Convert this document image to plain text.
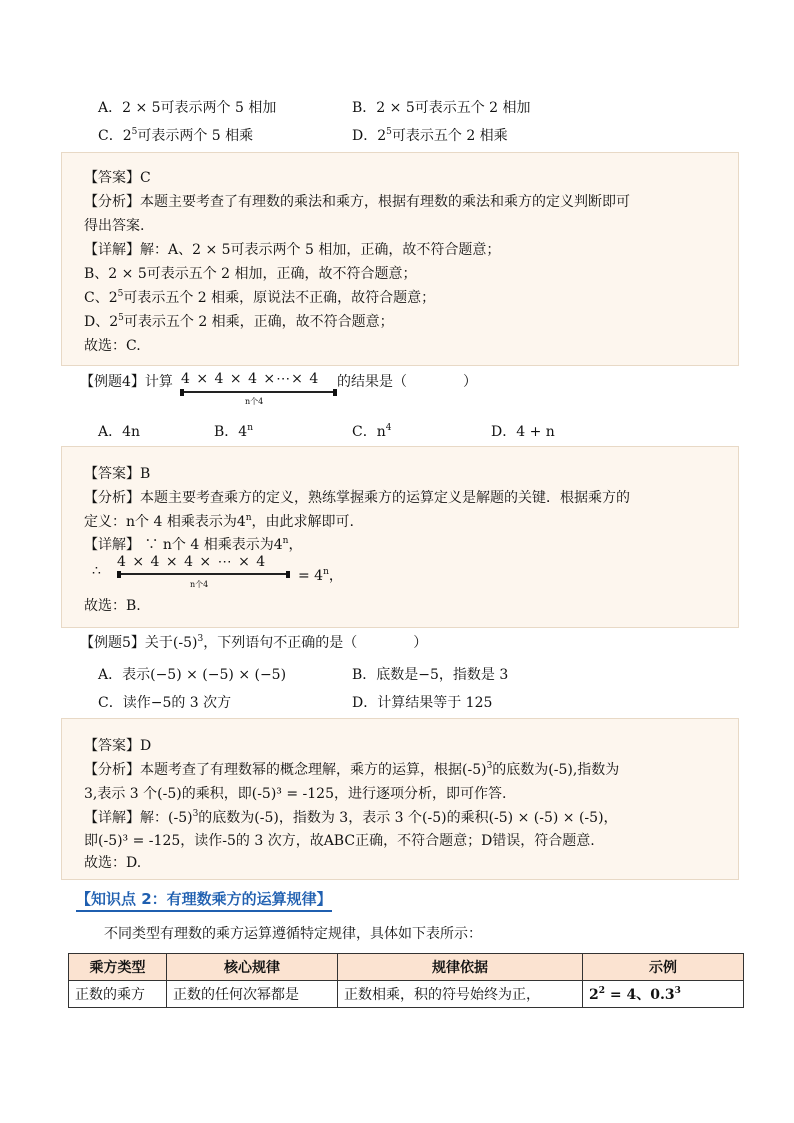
A．2 × 5可表示两个 5 相加	B．2 × 5可表示五个 2 相加
C．$2^5$可表示两个 5 相乘	D．$2^5$可表示五个 2 相乘
【答案】C
【分析】本题主要考查了有理数的乘法和乘方，根据有理数的乘法和乘方的定义判断即可
得出答案.
【详解】解：A、2 × 5可表示两个 5 相加，正确，故不符合题意；
B、2 × 5可表示五个 2 相加，正确，故不符合题意；
C、$2^5$可表示五个 2 相乘，原说法不正确，故符合题意；
D、$2^5$可表示五个 2 相乘，正确，故不符合题意；
故选：C.
【例题4】计算 4 × 4 × 4 ×⋯× 4 的结果是（　　　　）
n个4
A．4n	B．4$^n$	C．$n^4$	D．4 + n
【答案】B
【分析】本题主要考查乘方的定义，熟练掌握乘方的运算定义是解题的关键．根据乘方的
定义：n个 4 相乘表示为4$^n$，由此求解即可.
【详解】 ∵ n个 4 相乘表示为4$^n$，
∴
4 × 4 × 4 × ⋯ × 4
n个4
= $4^n$，
故选：B.
【例题5】关于$(-5)^3$，下列语句不正确的是（　　　　）
A．表示(−5) × (−5) × (−5)	B．底数是−5，指数是 3
C．读作−5的 3 次方	D．计算结果等于 125
【答案】D
【分析】本题考查了有理数幂的概念理解，乘方的运算，根据$(-5)^3$的底数为(-5),指数为
3,表示 3 个(-5)的乘积，即(-5)³ = -125，进行逐项分析，即可作答.
【详解】解：$(-5)^3$的底数为(-5)，指数为 3，表示 3 个(-5)的乘积(-5) × (-5) × (-5)，
即(-5)³ = -125，读作-5的 3 次方，故ABC正确，不符合题意；D错误，符合题意.
故选：D.
【知识点 2：有理数乘方的运算规律】
不同类型有理数的乘方运算遵循特定规律，具体如下表所示：
乘方类型	核心规律	规律依据	示例
正数的乘方	正数的任何次幂都是	正数相乘，积的符号始终为正，	$2^2 = 4$、$0.3^3$
